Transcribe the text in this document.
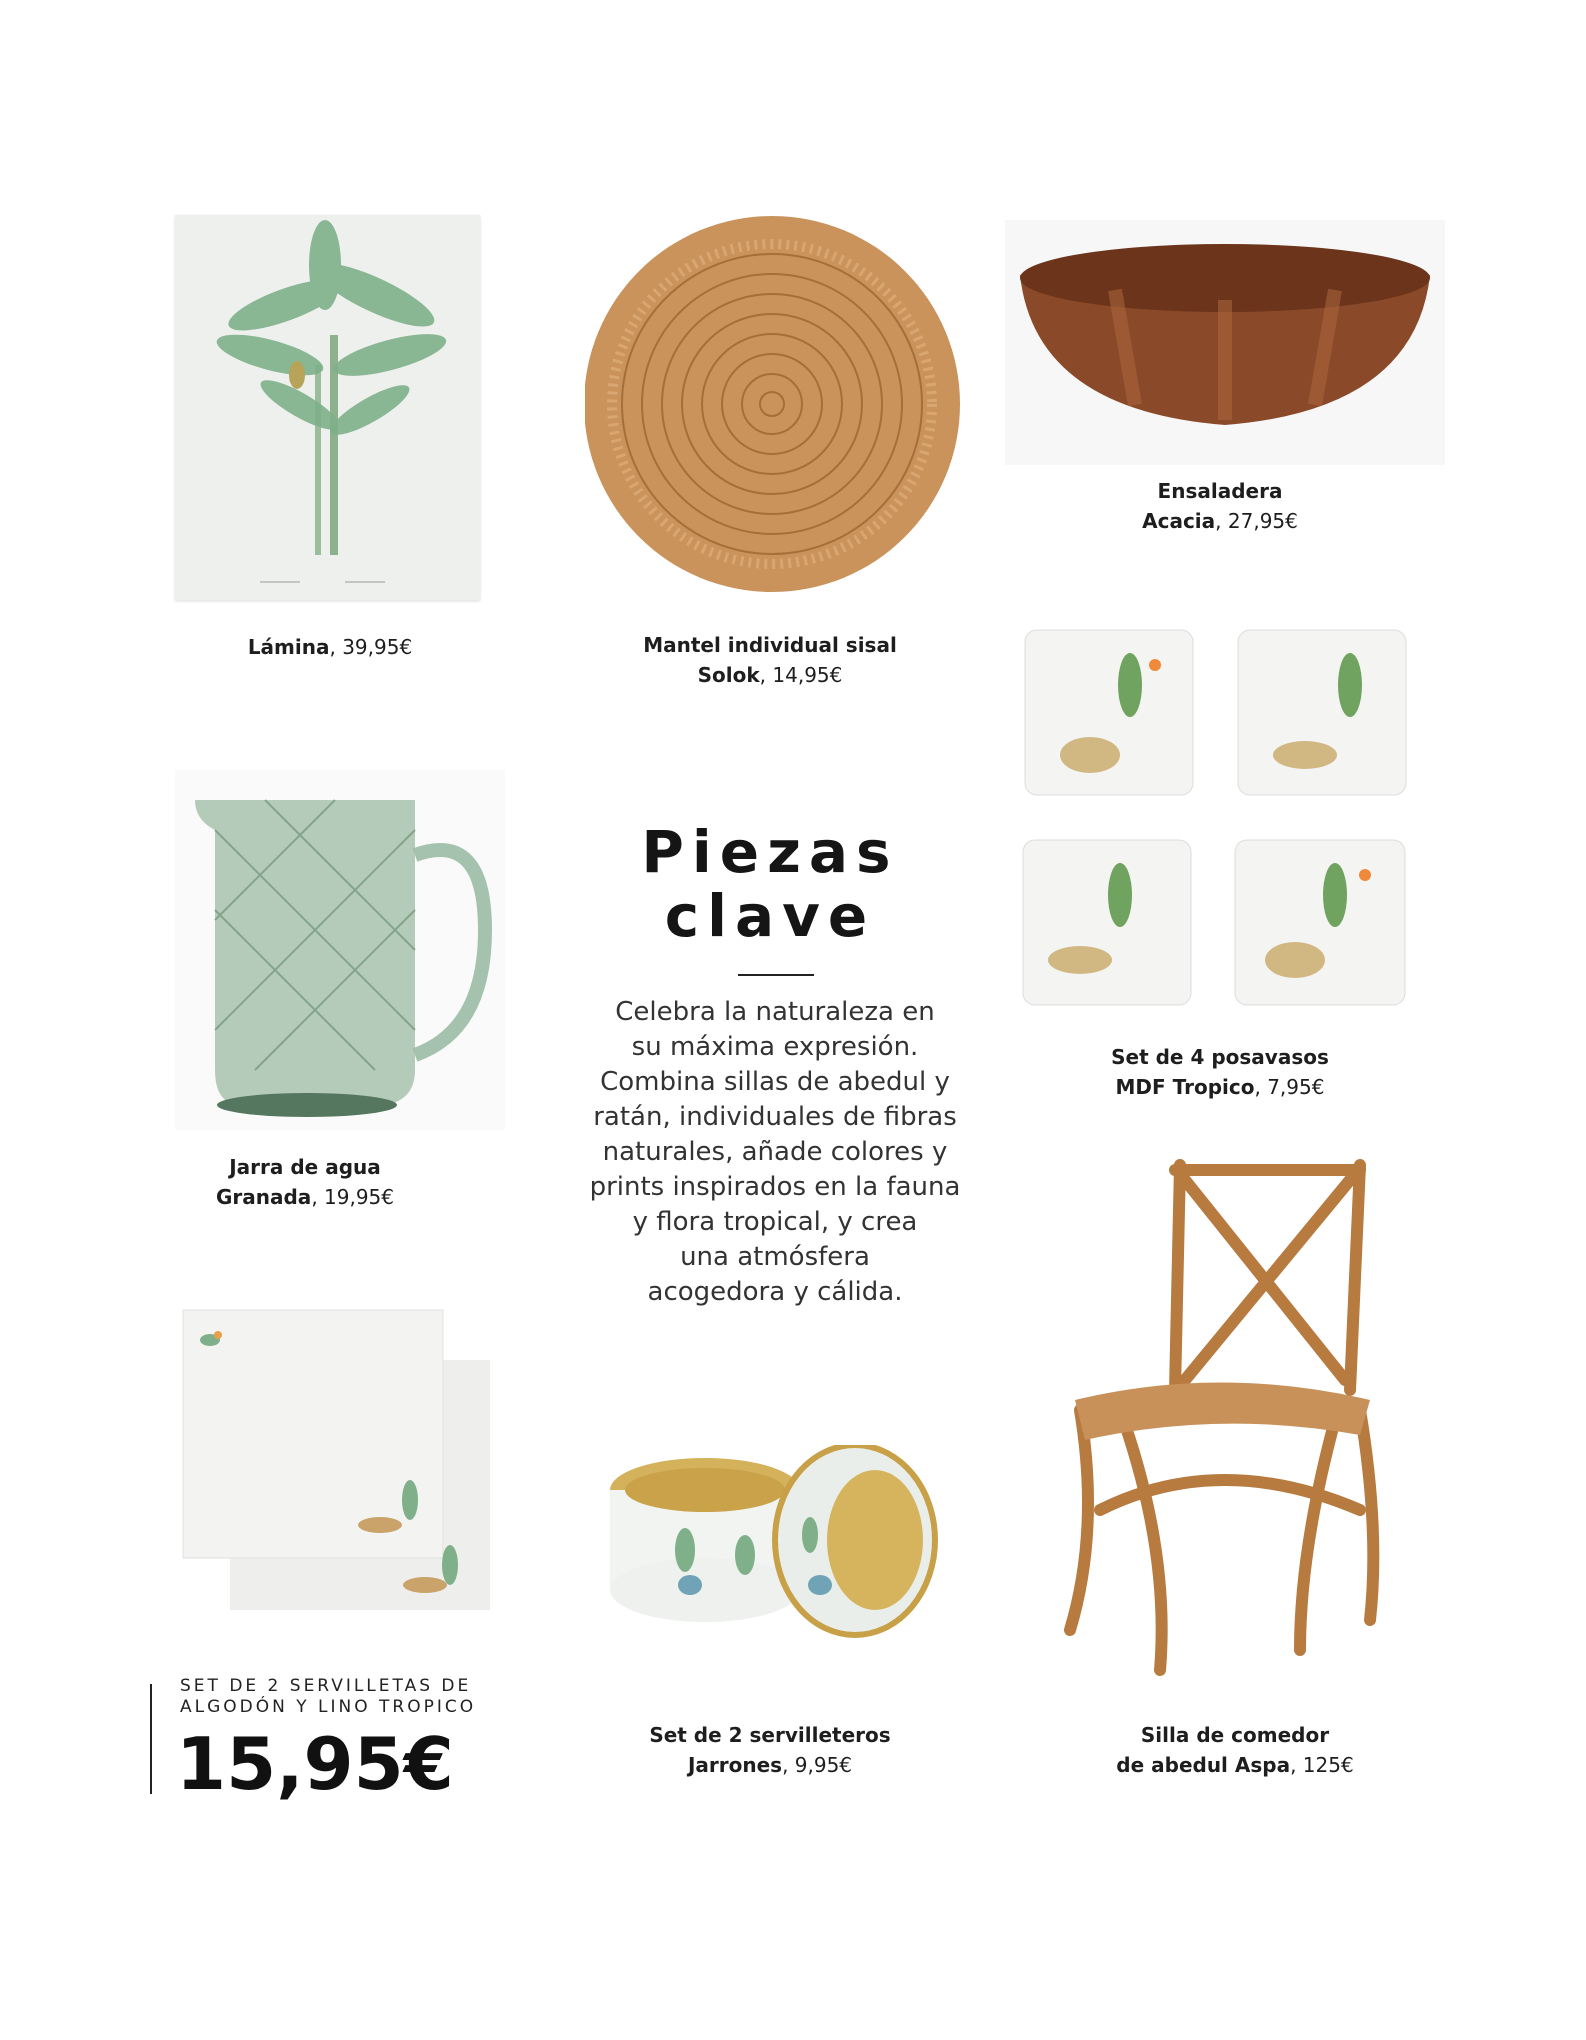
Lámina, 39,95€	Mantel individual sisal
Solok, 14,95€
Ensaladera
Acacia, 27,95€
Set de 4 posavasos
MDF Tropico, 7,95€
Jarra de agua
Granada, 19,95€
Piezas
clave
Celebra la naturaleza en
su máxima expresión.
Combina sillas de abedul y
ratán, individuales de fibras
naturales, añade colores y
prints inspirados en la fauna
y flora tropical, y crea
una atmósfera
acogedora y cálida.
SET DE 2 SERVILLETAS DE
ALGODÓN Y LINO TROPICO
15,95€	Set de 2 servilleteros
Jarrones, 9,95€
Silla de comedor
de abedul Aspa, 125€
